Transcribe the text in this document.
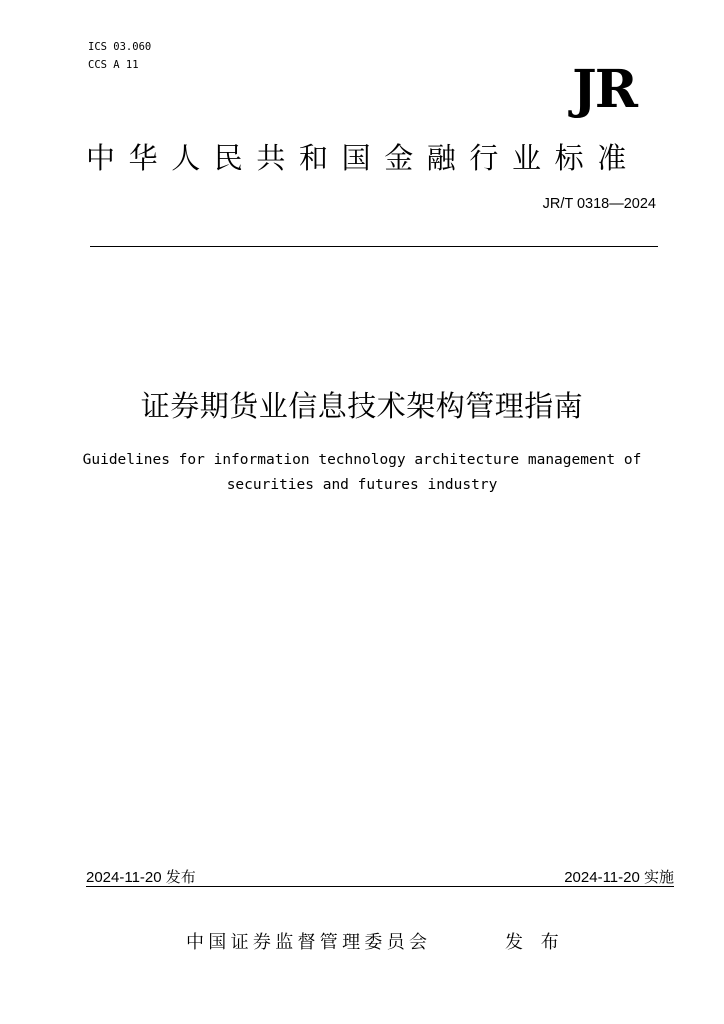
ICS 03.060
CCS A 11	JR
中华人民共和国金融行业标准
JR/T 0318—2024
证券期货业信息技术架构管理指南
Guidelines for information technology architecture management of
securities and futures industry
2024-11-20 发布	2024-11-20 实施
中国证券监督管理委员会	发 布
